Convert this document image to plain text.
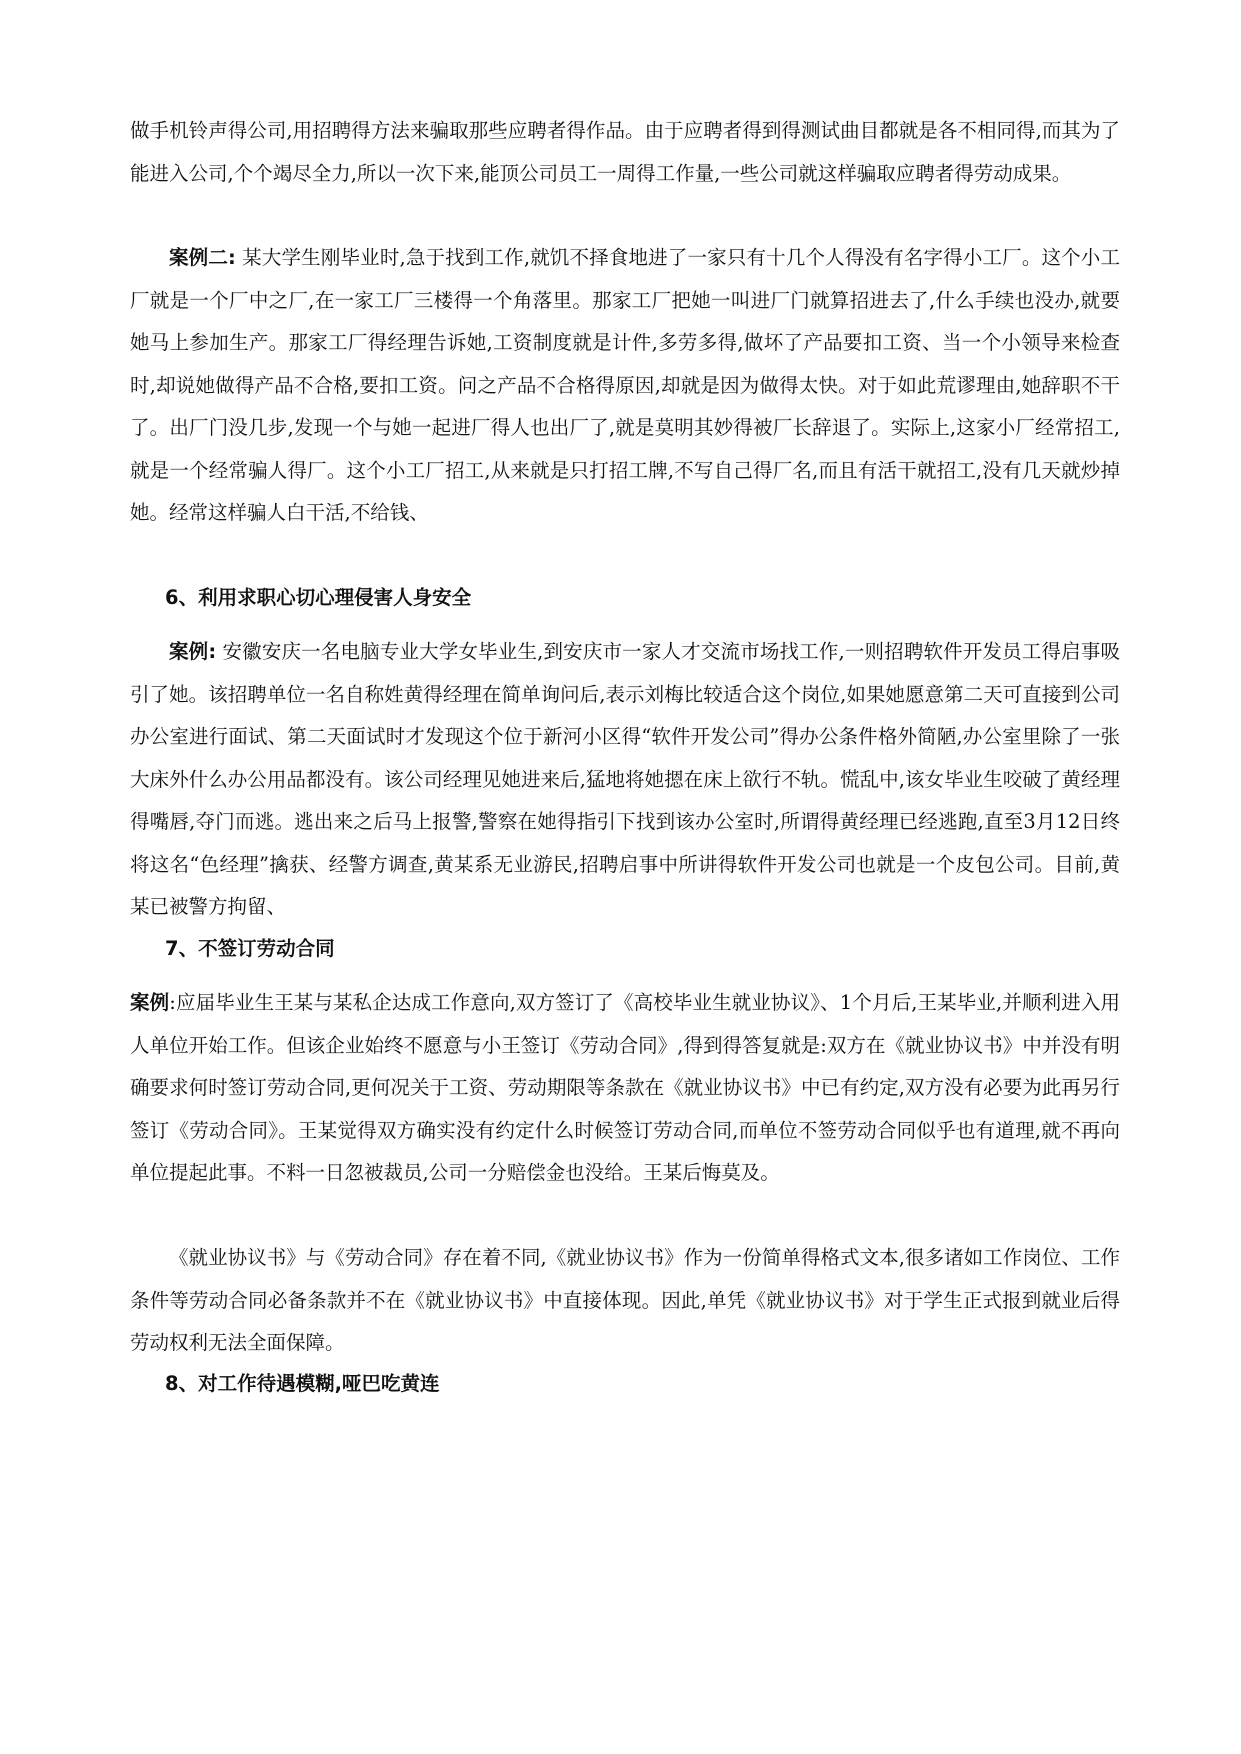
做手机铃声得公司,用招聘得方法来骗取那些应聘者得作品。由于应聘者得到得测试曲目都就是各不相同得,而其为了能进入公司,个个竭尽全力,所以一次下来,能顶公司员工一周得工作量,一些公司就这样骗取应聘者得劳动成果。

案例二: 某大学生刚毕业时,急于找到工作,就饥不择食地进了一家只有十几个人得没有名字得小工厂。这个小工厂就是一个厂中之厂,在一家工厂三楼得一个角落里。那家工厂把她一叫进厂门就算招进去了,什么手续也没办,就要她马上参加生产。那家工厂得经理告诉她,工资制度就是计件,多劳多得,做坏了产品要扣工资、当一个小领导来检查时,却说她做得产品不合格,要扣工资。问之产品不合格得原因,却就是因为做得太快。对于如此荒谬理由,她辞职不干了。出厂门没几步,发现一个与她一起进厂得人也出厂了,就是莫明其妙得被厂长辞退了。实际上,这家小厂经常招工,就是一个经常骗人得厂。这个小工厂招工,从来就是只打招工牌,不写自己得厂名,而且有活干就招工,没有几天就炒掉她。经常这样骗人白干活,不给钱、

6、利用求职心切心理侵害人身安全

案例: 安徽安庆一名电脑专业大学女毕业生,到安庆市一家人才交流市场找工作,一则招聘软件开发员工得启事吸引了她。该招聘单位一名自称姓黄得经理在简单询问后,表示刘梅比较适合这个岗位,如果她愿意第二天可直接到公司办公室进行面试、第二天面试时才发现这个位于新河小区得“软件开发公司”得办公条件格外简陋,办公室里除了一张大床外什么办公用品都没有。该公司经理见她进来后,猛地将她摁在床上欲行不轨。慌乱中,该女毕业生咬破了黄经理得嘴唇,夺门而逃。逃出来之后马上报警,警察在她得指引下找到该办公室时,所谓得黄经理已经逃跑,直至3月12日终将这名“色经理”擒获、经警方调查,黄某系无业游民,招聘启事中所讲得软件开发公司也就是一个皮包公司。目前,黄某已被警方拘留、

7、不签订劳动合同

案例:应届毕业生王某与某私企达成工作意向,双方签订了《高校毕业生就业协议》、1个月后,王某毕业,并顺利进入用人单位开始工作。但该企业始终不愿意与小王签订《劳动合同》,得到得答复就是:双方在《就业协议书》中并没有明确要求何时签订劳动合同,更何况关于工资、劳动期限等条款在《就业协议书》中已有约定,双方没有必要为此再另行签订《劳动合同》。王某觉得双方确实没有约定什么时候签订劳动合同,而单位不签劳动合同似乎也有道理,就不再向单位提起此事。不料一日忽被裁员,公司一分赔偿金也没给。王某后悔莫及。

《就业协议书》与《劳动合同》存在着不同,《就业协议书》作为一份简单得格式文本,很多诸如工作岗位、工作条件等劳动合同必备条款并不在《就业协议书》中直接体现。因此,单凭《就业协议书》对于学生正式报到就业后得劳动权利无法全面保障。

8、对工作待遇模糊,哑巴吃黄连
